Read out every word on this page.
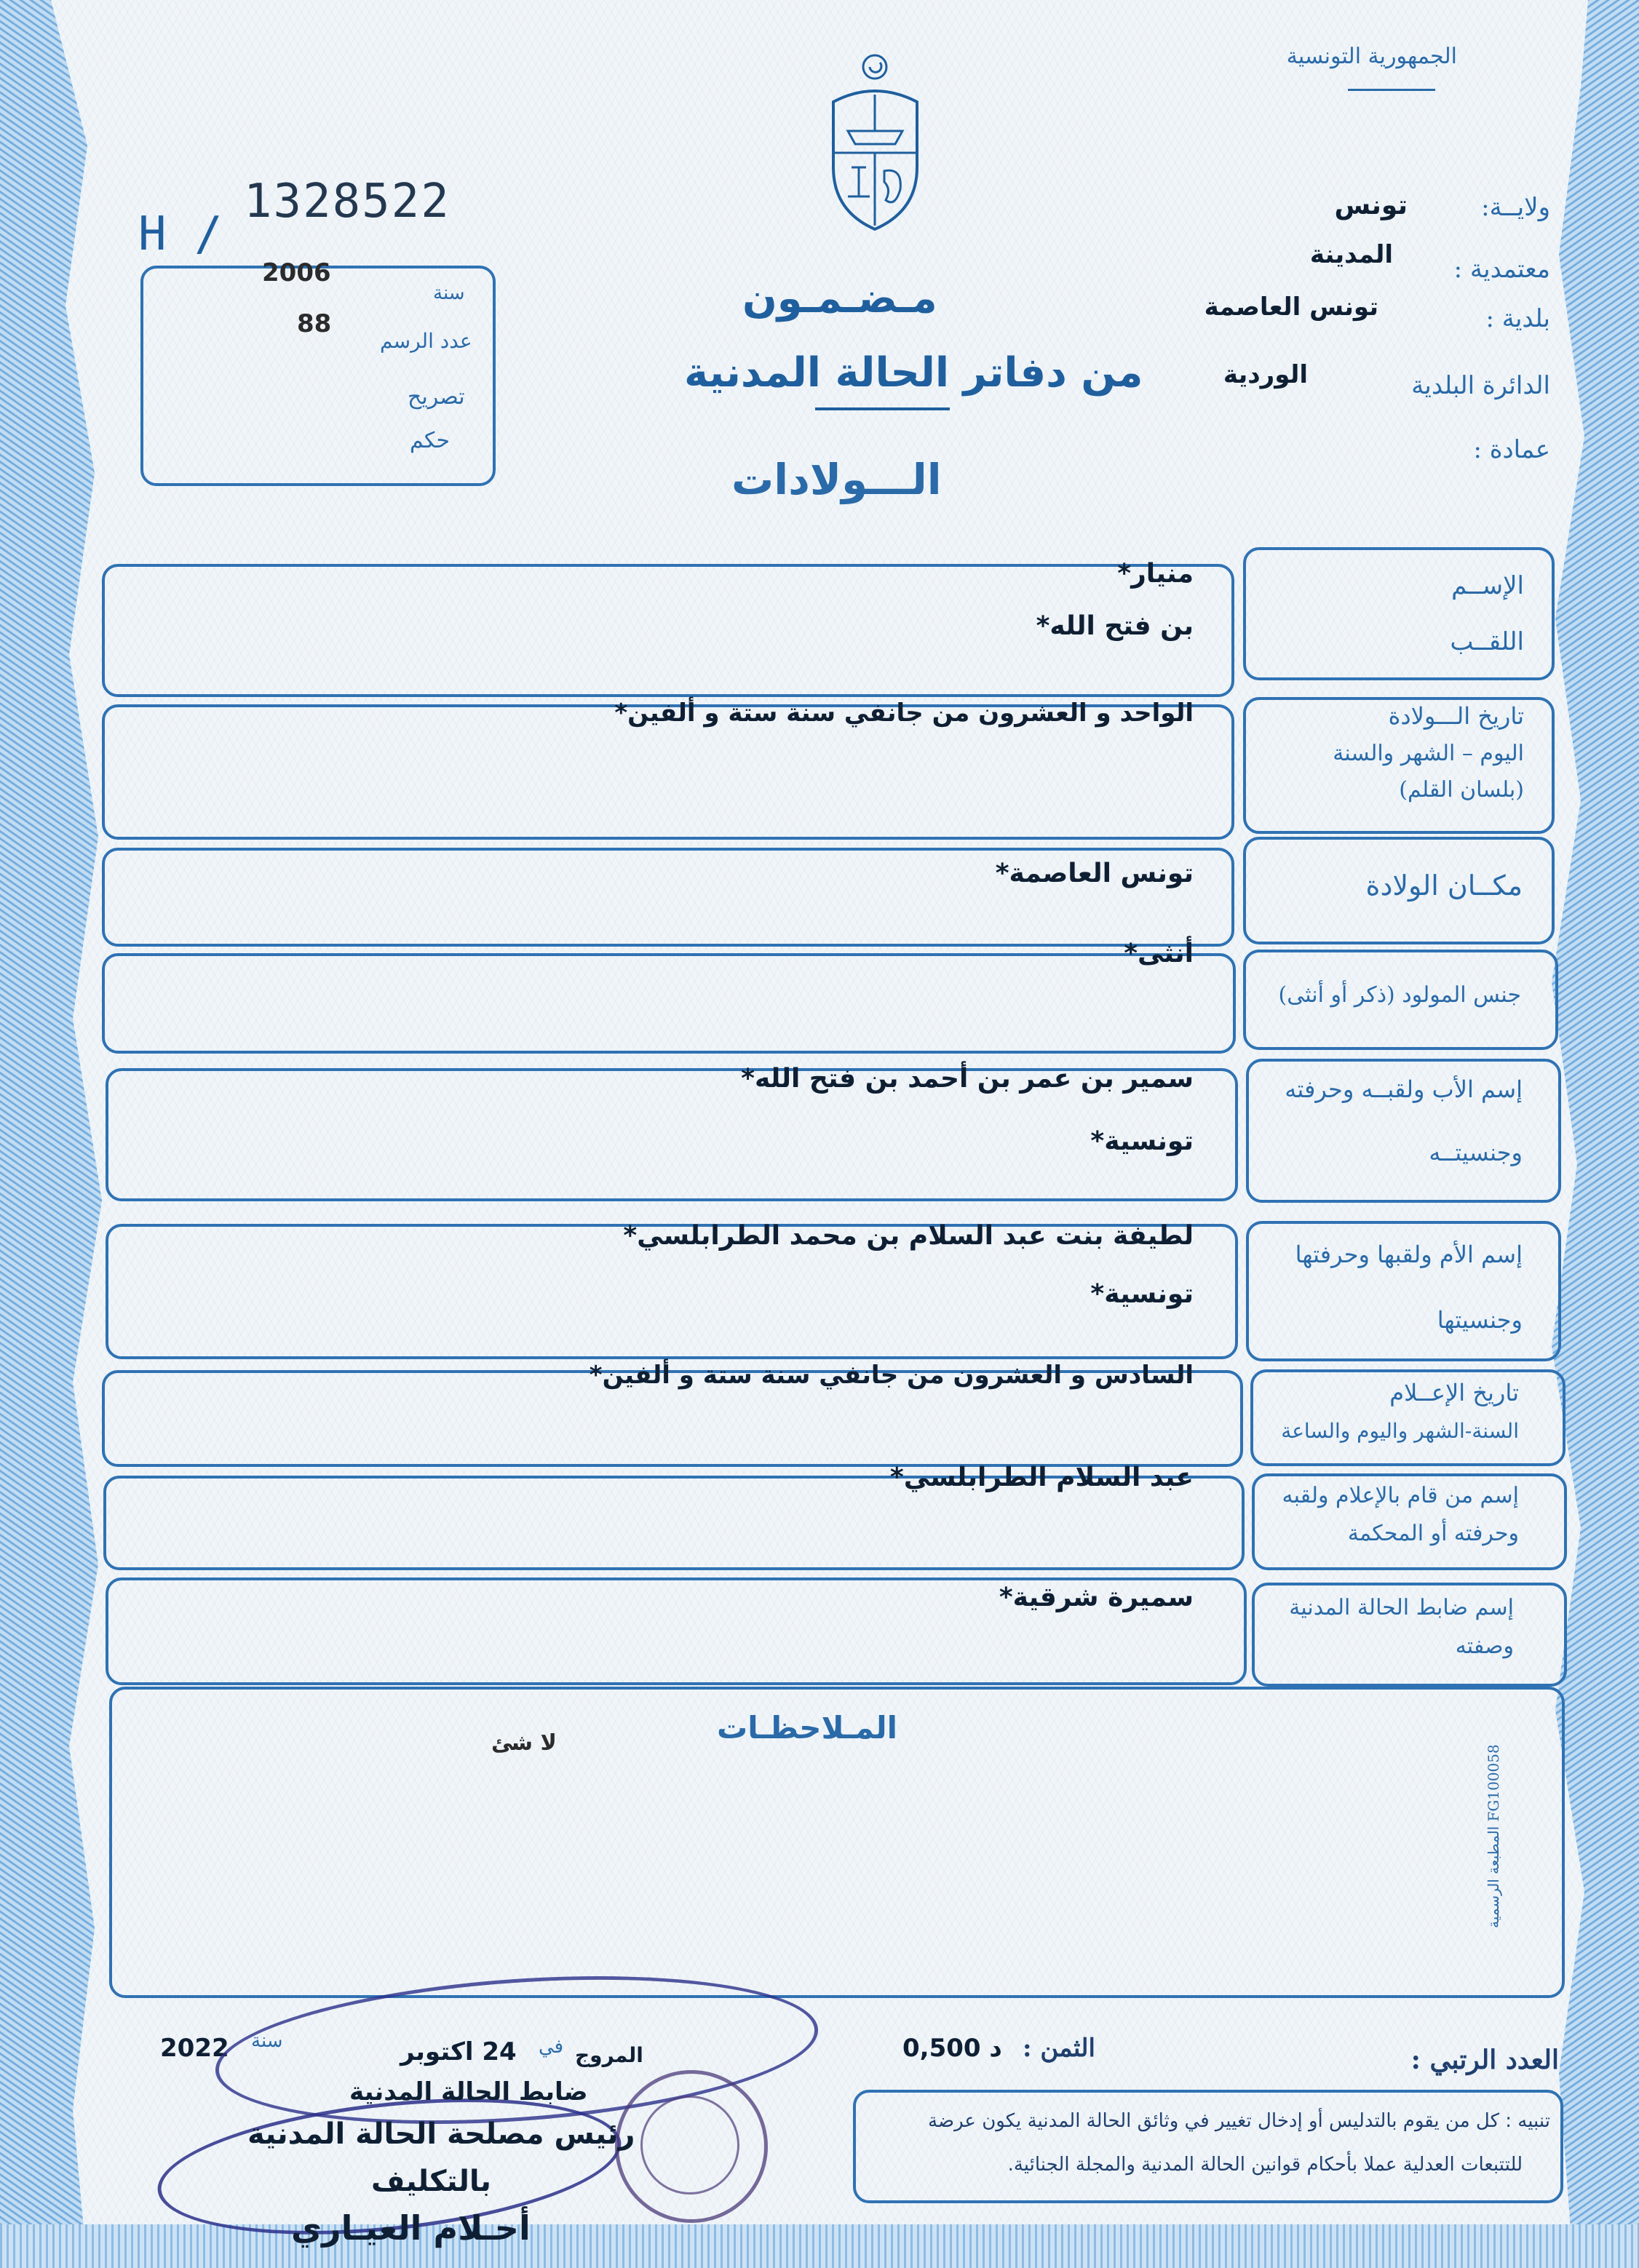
الجمهورية التونسية
H /
1328522
2006
سنة
88
عدد الرسم
تصريح
حكم
ولايــة:
تونس
المدينة معتمدية :
تونس العاصمة	بلدية :
الوردية	الدائرة البلدية
عمادة :
مـضـمـون
من دفاتر الحالة المدنية
الـــولادات
الإســم
اللقــب
منيار*
بن فتح الله*
تاريخ الـــولادة
اليوم – الشهر والسنة
(بلسان القلم)
الواحد و العشرون من جانفي سنة ستة و ألفين*
مكــان الولادة
تونس العاصمة*
جنس المولود (ذكر أو أنثى)
أنثى*
إسم الأب ولقبــه وحرفته
وجنسيتــه
سمير بن عمر بن أحمد بن فتح الله*
تونسية*
إسم الأم ولقبها وحرفتها
وجنسيتها
لطيفة بنت عبد السلام بن محمد الطرابلسي*
تونسية*
تاريخ الإعــلام
السنة-الشهر واليوم والساعة
السادس و العشرون من جانفي سنة ستة و ألفين*
إسم من قام بالإعلام ولقبه
وحرفته أو المحكمة
عبد السلام الطرابلسي*
إسم ضابط الحالة المدنية
وصفته
سميرة شرقية*
المـلاحظـات
لا شئ
المطبعة الرسمية FG100058
العدد الرتبي :
الثمن :
0,500 د
المروج
في
24 اكتوبر
سنة
2022
ضابط الحالة المدنية
رئيس مصلحة الحالة المدنية
بالتكليف
أحـلام العيـاري
تنبيه : كل من يقوم بالتدليس أو إدخال تغيير في وثائق الحالة المدنية يكون عرضة
للتتبعات العدلية عملا بأحكام قوانين الحالة المدنية والمجلة الجنائية.
